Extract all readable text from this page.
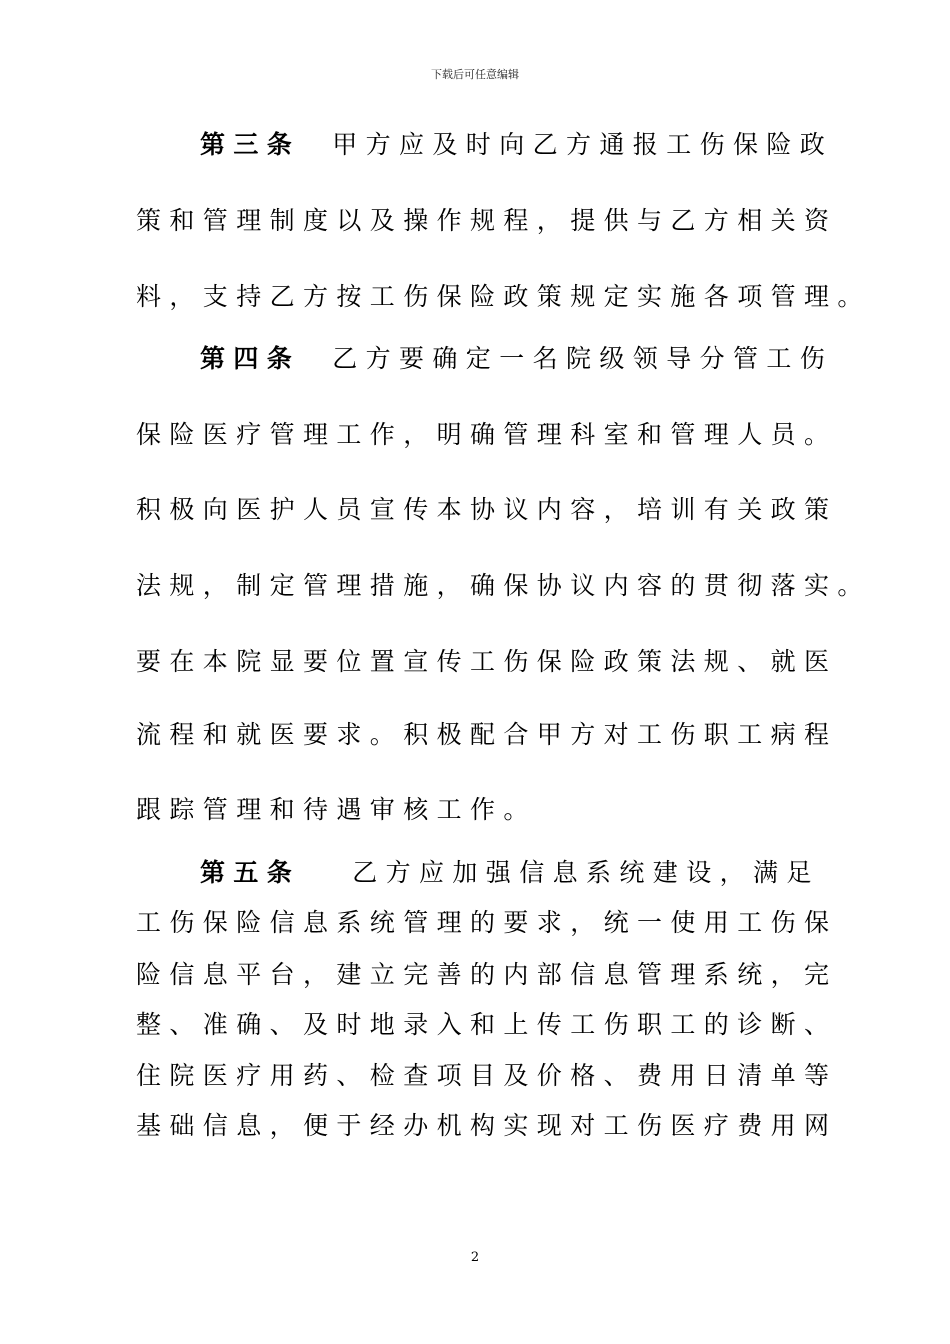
下载后可任意编辑
第三条 甲方应及时向乙方通报工伤保险政
策和管理制度以及操作规程，提供与乙方相关资
料，支持乙方按工伤保险政策规定实施各项管理。
第四条 乙方要确定一名院级领导分管工伤
保险医疗管理工作，明确管理科室和管理人员。
积极向医护人员宣传本协议内容，培训有关政策
法规，制定管理措施，确保协议内容的贯彻落实。
要在本院显要位置宣传工伤保险政策法规、就医
流程和就医要求。积极配合甲方对工伤职工病程
跟踪管理和待遇审核工作。
第五条 乙方应加强信息系统建设，满足
工伤保险信息系统管理的要求，统一使用工伤保
险信息平台，建立完善的内部信息管理系统，完
整、准确、及时地录入和上传工伤职工的诊断、
住院医疗用药、检查项目及价格、费用日清单等
基础信息，便于经办机构实现对工伤医疗费用网
2
